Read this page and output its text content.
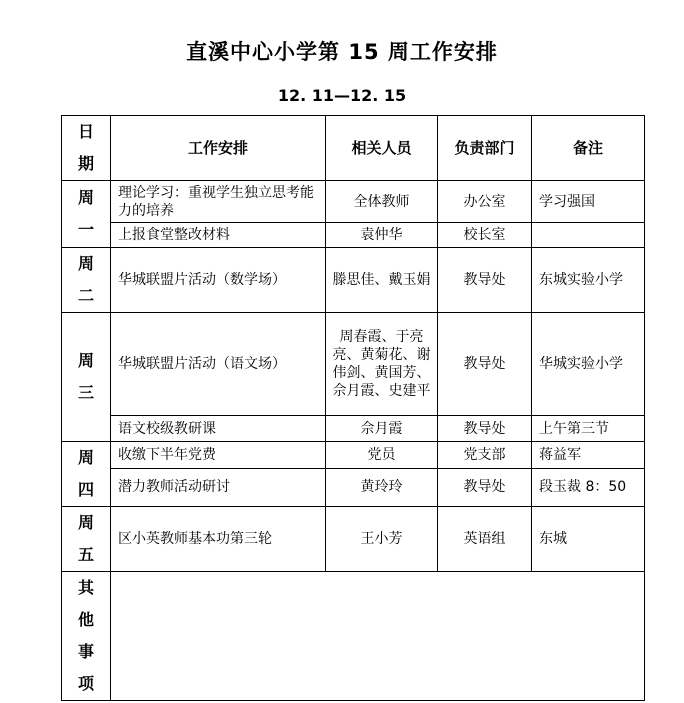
直溪中心小学第 15 周工作安排
12. 11—12. 15
日
期	工作安排	相关人员	负责部门	备注

周
一	理论学习：重视学生独立思考能力的培养	全体教师	办公室	学习强国
	上报食堂整改材料	袁仲华	校长室	

周
二	华城联盟片活动（数学场）	滕思佳、戴玉娟	教导处	东城实验小学

周
三	华城联盟片活动（语文场）	周春霞、于亮亮、黄菊花、谢伟剑、黄国芳、佘月霞、史建平	教导处	华城实验小学
	语文校级教研课	佘月霞	教导处	上午第三节

周
四	收缴下半年党费	党员	党支部	蒋益军
	潜力教师活动研讨	黄玲玲	教导处	段玉裁 8：50

周
五	区小英教师基本功第三轮	王小芳	英语组	东城

其
他
事
项				
